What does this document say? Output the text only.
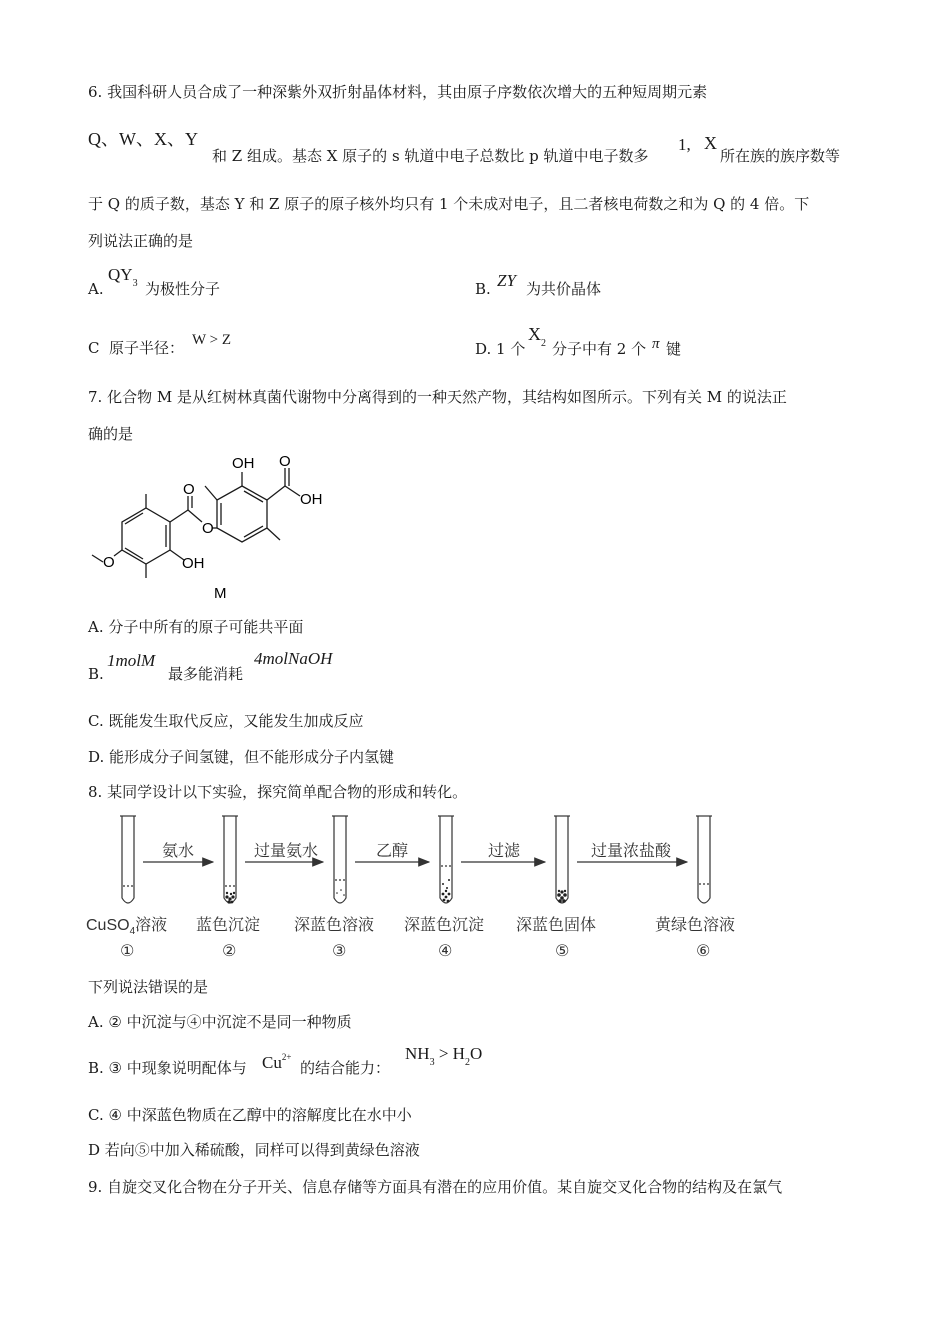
6. 我国科研人员合成了一种深紫外双折射晶体材料，其由原子序数依次增大的五种短周期元素
Q、W、X、Y
和 Z 组成。基态 X 原子的 s 轨道中电子总数比 p 轨道中电子数多
1, X
所在族的族序数等
于 Q 的质子数，基态 Y 和 Z 原子的原子核外均只有 1 个未成对电子，且二者核电荷数之和为 Q 的 4 倍。下
列说法正确的是
A.
$QY_3$ 为极性分子	B. ZY 为共价晶体
C 原子半径： W > Z	D. 1 个
$X_2$ 分子中有 2 个 π 键
7. 化合物 M 是从红树林真菌代谢物中分离得到的一种天然产物，其结构如图所示。下列有关 M 的说法正
确的是
OH O
OH
O
O
O	OH
M
A. 分子中所有的原子可能共平面
B.
1molM
最多能消耗
4molNaOH
C. 既能发生取代反应，又能发生加成反应
D. 能形成分子间氢键，但不能形成分子内氢键
8. 某同学设计以下实验，探究简单配合物的形成和转化。
氨水	过量氨水	乙醇	过滤	过量浓盐酸
CuSO$_4$溶液 蓝色沉淀 深蓝色溶液 深蓝色沉淀 深蓝色固体	黄绿色溶液
①	②	③	④	⑤	⑥
下列说法错误的是
A. ② 中沉淀与④中沉淀不是同一种物质
B. ③ 中现象说明配体与 $Cu^{2+}$
的结合能力：
$NH_3 > H_2O$
C. ④ 中深蓝色物质在乙醇中的溶解度比在水中小
D 若向⑤中加入稀硫酸，同样可以得到黄绿色溶液
9. 自旋交叉化合物在分子开关、信息存储等方面具有潜在的应用价值。某自旋交叉化合物的结构及在氯气
